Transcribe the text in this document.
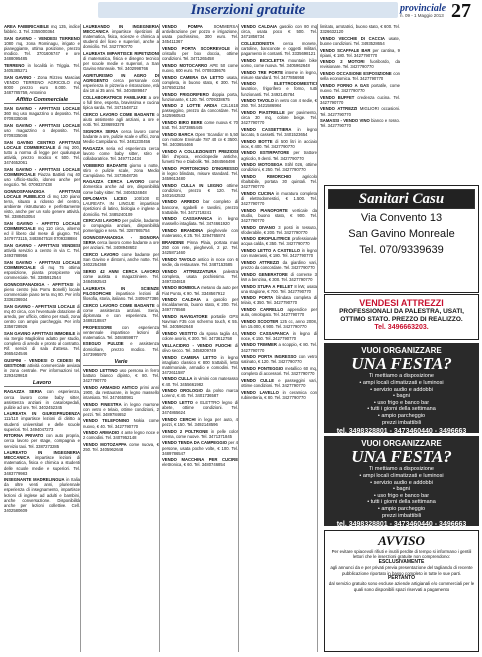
Inserzioni gratuite	provinciale
n. 09 - 1 Maggio 2013 27
AREA FABBRICABILE mq 135, indice fabbric. 3. Tel. 3355000364
SAN GAVINO - VENDESI TERRENO 1080 mq, zona Rominagu, irrigato e pianeggiante, ottima posizione, prezzo modico. Tel. 3701606747 e ore 3488095485
TERRENO in località in Triggia. Tel. 3405385271
SAN GAVINO - Zona Rizzeu Mascias VENDO TERRENO AGRICOLO mq 8000 prezzo euro 8.000. Tel. 3487785759, Antonino
Affitto Commerciale
SAN GAVINO - AFFITTASI LOCALE 360 mq uso magazzino o deposito. Tel. 0709335046
SAN GAVINO - AFFITTASI LOCALE uso magazzino o deposito. Tel. 0709335046
SAN GAVINO CENTRO AFFITTASI LOCALE COMMERCIALE di mq 200, tutto a norma di legge per qualunque attività, prezzo modico € 500. Tel. 3474652061
SAN GAVINO - AFFITTASI LOCALE COMMERCIALE Piazza Battisti mq 40 uso ufficio-studio, idoneo anche per negozio. Tel. 0709337438
GONNOSFANADIGA AFFITTASI LOCALE PUBBLICO di mq 120 piano terra, situato a ridosso del centro, ambiente ristrutturato e perfettamente visto, anche per un solo genere attività. Tel. 3388453054
SAN GAVINO - AFFITTO LOCALE COMMERCIALE mq 110 circa, alterno ed il libero dal mese di giugno. Tel. 3479773115, 3483847518 0709338884
SAN GAVINO - AFFITTASI VENDESI attività servizio a centro in via C. Tel. 3493788956
SAN GAVINO - AFFITTASI LOCALE COMMERCIALE di mq 75 ottima esposizione, pianta prospicente via commerciale. Tel. 3385912544
GONNOSFANADIGA - AFFITTASI in pieno centro (via Porru Bonelli) locale commerciale piano terra mq 80. Per info 3336236934
SAN GAVINO - AFFITTASI LOCALE di mq 40 circa, con l'eventuale dotazione di arredo, per ufficio, ottimo per studi, zona centro con ampio parcheggio. Per info 3356728926
SAN GAVINO AFFITTASI IMMOBILE in via Sergio Magliolino adatto per studio, completo di arredo e pronto al contratto. Rif. servizi di sala d'attesa. Tel. 3665424546
GUSPINI - VENDESI O CEDESI IN GESTIONE attività commerciale avviata in zona centrale. Per informazioni tel. 3293429818
Lavoro
RAGAZZA SERIA con esperienza, cerca lavoro come baby sitter, assistenza anziani in casa/ospedali, pulizie ad ore. Tel. 3402452345
LAUREATA IN GIURISPRUDENZA 111/110 impartisce lezioni di diritto a studenti universitari e delle scuole superiori. Tel. 3494047273
RITORNA PRIVATO con auto propria, cerca lavoro per stage, compagnia e servizio taxi. Tel. 3387273285
LAUREATO IN INGEGNERIA MECCANICA impartisce lezioni di matematica, fisica e chimica a studenti delle scuole medie e superiori. Tel. 3483779983
INSEGNANTE MADRELINGUA in Italia da oltre venti anni, pluriennale esperienza di insegnamento, impartisce lezioni di inglese ad adulti e bambini, anche conversazione. Disponibilità anche per lezioni collettive. Cell. 3402580609
LAUREANDO IN INGEGNERIA MECCANICA impartisce ripetizioni di matematica, fisica, scienze e chimica a studenti del liceo e superiori, anche a domicilio. Tel. 3427790770
LAUREATA IMPARTISCE RIPETIZIONI di matematica, fisica e disegno tecnico per scuole medie e superiori, a San Gavino Monreale. Tel. 3402998766
AGRITURISMO IN AGRO DI AGRIGENTO cerca personale con esperienza in pizzeria e ristorazione, età dai 18 ai 35 anni. Tel. 3404589847
COLLABORATRICE FAMILIARE a ore o full time, esperta, bravissima e cucina tipica sarda. Tel. 3471548712
CERCO LAVORO COME BADANTE o aiuto assistente agli anziani, a ore e notti. Tel. 3286893378
SIGNORA SERIA cerca lavoro come badante a ore, pulizie scale e uffici, zona Medio Campidano. Tel. 3481230456
RAGAZZA seria ed esperienza cerca lavoro come baby sitter, stiro e collaboratrice. Tel. 3497712434
VOBBERO BADANTE giorno o notte, stiro e pulizie scale, zona Medio Campidano. Tel. 3473648726
RAGAZZA CERCA LAVORO come domestica anche ad ore, disponibilità come baby sitter. Tel. 3404524848
DIPLOMATA LICEO 100/100 E LAUREATA IN LINGUE impartisce ripetizioni di latino, biologia e inglese a domicilio. Tel. 3485240109
CERCASI LAVORO per pulizie, badante o compagnia anziani, disponibilità pomeriggio e sera. Tel. 3287865754
GONNOSFANADIGA - SIGNORA SERIA cerca lavoro come badante a ore per anziani. Tel. 3408948602
CERCO LAVORO come badante per San Gavino e dintorni, anche notte. Tel. 3402254368
SERIO 42 ANNI CERCA LAVORO come autista o magazziniere. Tel. 3484592543
LAUREATA IN SCIENZE FILOSOFICHE impartisce lezioni di filosofia, storia, italiano. Tel. 3409477386
CERCO LAVORO COME BADANTE o come assistenza anziani. Seria, diplomata e con esperienza. Tel. 3489218847
PROFESSORE con esperienza ventennale impartisce lezioni di matematica. Tel. 3484659877
ESEGUO PULIZIE e assistenza domiciliare, prezzo modico. Tel. 3473995970
Varie
VENDO LETTINO uso persona in ferro battuto bianco dipinto, € 80. Tel. 3427790770
VENDO ARMADIO ANTICO primi anni 1900, da restaurare, in legno massello intarsiato. Tel. 3474650981
VENDO FINESTRA in legno marrone con vetro e telaio, ottime condizioni, 2 pezzi. Tel. 3489784652
VENDO TELEFONINO Nokia come nuovo, € 40. Tel. 3427790770
VENDO ARMADIO 4 ante legno noce e 2 comodini. Tel. 3407952148
VENDO MOTOZAPPA come nuova, € 250. Tel. 3405962648
VENDO POMPA	SOMMERSA antivibrazione per pozzo e irrigazione, usata pochissimo, 300 euro. Tel. 345411367
VENDO PORTA SCORREVOLE in cristallo per box doccia, ottime condizioni. Tel. 3471265458
VENDO MOTOCARRO APE 50 come nuovo, 600 euro. Tel. 0709338676
VENDO CAMERA DA LETTO usata, completa, in buono stato, € 300. Tel. 3476501254
VENDO FRIGORIFERO doppia porta, funzionante, € 120. Tel. 0709338675
VENDO 2 LOTTE ARDIA C2L1618 passeggino, prezzo da concordare. Tel. 3425960543
VENDO BIRO BERE come nuova € 70 tratt. Tel. 3473865445
VENDO BARCA Open 'Scandia' m 5,50 con motore Envirude 787 40 cv € 3500. Tel. 3403654466
VENDO A COLLEZIONISTI PREZIOSI libri d'epoca, enciclopedie antiche, fumetti Tex e Diabolik. Tel. 3484566498
VENDO PORTONCINO D'INGRESSO in legno blindato, misure standard. Tel. 3459613480
VENDO CULLA IN LEGNO ottime condizioni, prezzo € 120. Tel. 3401642532
VENDO ARREDO bar completo di bancone, sgabelli e tavolini, prezzo trattabile. Tel. 3471719241
VENDO CASSAPANCA in legno massello intagliata. Tel. 3474661920
VENDO BRANDINA pieghevole con materasso, € 25. Tel. 3294765874
BRANDINE Pinna Plaia, portata max 250 con rete, pieghevoli, 2 pz. Tel. 3425871460
VENDO TAVOLO antico in noce con 6 sedie, da restaurare. Tel. 3487153585
VENDO ATTREZZATURA palestra completa, usata pochissimo. Tel. 3497334818
VENDO BOMBOLA metano da auto per Fiat Punto, € 90. Tel. 3348567912
VENDO CALDAIA a gasolio per riscaldamento, buono stato, € 200. Tel. 3497778568
VENDO NAVIGATORE portatile GPS Navman F35 con schermo touch, € 55. Tel. 3405962648
VENDO VESTITO da sposa taglia 44, colore avorio, € 300. Tel. 3473612758
VELLACIDRO - VENDO FUOCHI di olivo secco. Tel. 3458209749
VENDO CAMERA LETTO in legno intagliato classico € 800 trattabili, letto matrimoniale, armadio e comodini. Tel. 3472611587
VENDO CULLA in vimini con materasso € 40. Tel. 3455661982
VENDO OROLOGIO da polso marca Lorenz, € 40. Tel. 3401736587
VENDO LETTO e ELETTRO legno di abete, ottime condizioni. Tel. 3474865624
VENDO CERCHI in lega per auto, 4 pezzi, € 150. Tel. 3492148596
VENDO 2 POLTRONE in pelle color crema, come nuove. Tel. 3471371845
VENDO TENDA DA CAMPEGGIO per 4 persone, usata poche volte, € 100. Tel. 3489786547
VENDO MACCHINA PER CUCIRE elettronica, € 60. Tel. 3480746854
VENDO CALDAIA gasolio con 80 mq circa, usata poco € 500. Tel. 3471856734
COLLEZIONISTA cerca monete, cartoline, banconote e oggetti militari, pagamento in contanti. Tel. 3335698121
VENDO BICICLETTA mountain bike uomo, come nuova. Tel. 3405962648
VENDO TRE PORTE interne in legno, misure standard. Tel. 3477856958
VENDO ELETTRODOMESTICI lavatrice, frigorifero e forno, tutti funzionanti. Tel. 3492145784
VENDO TAVOLO in vetro con 4 sedie, € 250. Tel. 3421586984
VENDO PIASTRELLE per pavimento, circa 30 mq, colore beige. Tel. 3427790770
VENDO CASSETTIERA in legno laccato, 5 cassetti. Tel. 3401523654
VENDO BOTTE di 500 litri in acciaio inox, € 400. Tel. 3427790770
VENDO ESTIRPATORE per trattore agricolo, 9 denti. Tel. 3427790770
VENDO MOTOSEGA Stihl 026, ottime condizioni, € 250. Tel. 3427790770
VENDO RIMORCHIO	agricolo ribaltabile, portata 30 quintali. Tel. 3427790770
VENDO CUCINA in muratura completa di elettrodomestici, € 1.500. Tel. 3427790770
VENDO PIANOFORTE verticale da studio, buono stato, € 900. Tel. 3427790770
VENDO DIVANO 3 posti in tessuto, sfoderabile, € 200. Tel. 3427790770
VENDO IDROPULITRICE professionale acqua calda, € 350. Tel. 3427790770
VENDO LETTO A CASTELLO in legno con materassi, € 180. Tel. 3427790770
VENDO ATTREZZI da giardino vari, prezzo da concordare. Tel. 3427790770
VENDO GENERATORE di corrente 3 kW a benzina, € 300. Tel. 3427790770
VENDO STUFA A PELLET 8 kW, usata una stagione, € 700. Tel. 3427790770
VENDO PORTA blindata completa di telaio, € 350. Tel. 3427790770
VENDO CARRELLO appendice per auto, omologato. Tel. 3427790770
VENDO SCOOTER 125 cc, anno 2008, km 15.000, € 900. Tel. 3427790770
VENDO CASSAPANCA in legno di noce, € 150. Tel. 3427790770
VENDO TRIMMER a scoppio, € 80. Tel. 3427790770
VENDO PORTA INGRESSO con vetro satinato, € 120. Tel. 3427790770
VENDO PONTEGGIO metallico 60 mq, completo di accessori. Tel. 3427790770
VENDO CULLE e passeggini vari, ottime condizioni. Tel. 3427790770
VENDO LAVELLO in ceramica con rubinetteria, € 80. Tel. 3427790770
limitato, arrotatrici, buono stato, € 600. Tel. 3326632120
VENDO VECCHIE DI CACCIA usate, buone condizioni. Tel. 3493528654
VENDO SCAFFALE BAR per cantina, 9 ripiani, € 180. Tel. 3427790770
VENDO 2 MOTORI fuoribordo, da revisionare. Tel. 3427790770
VENDO OCCASIONE ESPOSIZIONE con sella economica. Tel. 3427790770
VENDO FORNO A GAS portatile, come nuovo. Tel. 3427790770
VENDO BUFFET credenza cucina. Tel. 3427790770
VENDO ATTREZZI MIGLIORI occasioni. Tel. 3427790770
SAMASSI - VENDO VINO bianco e rosso. Tel. 3427790770
Sanitari Casu
Via Convento 13
San Gavino Monreale
Tel. 070/9339639
VENDESI ATTREZZI
PROFESSIONALI DA PALESTRA, USATI,
OTTIMO STATO. PREZZO DI REALIZZO.
Tel. 3496663203.
VUOI ORGANIZZARE
UNA FESTA?
Ti mettiamo a disposizione
• ampi locali climatizzati e luminosi
• servizio audio e addobbi
• bagni
• uso frigo e banco bar
• tutti i giorni della settimana
• ampio parcheggio
prezzi imbattibili
tel. 3498328801 - 3473460440 - 3496663
VUOI ORGANIZZARE
UNA FESTA?
Ti mettiamo a disposizione
• ampi locali climatizzati e luminosi
• servizio audio e addobbi
• bagni
• uso frigo e banco bar
• tutti i giorni della settimana
• ampio parcheggio
prezzi imbattibili
tel. 3498328801 - 3473460440 - 3496663
AVVISO
Per evitare spiacevoli rifiuti e inutili perdite di tempo si informano i gentili lettori che le inserzioni gratuite non comprendono:
ESCLUSIVAMENTE
agli annunci da e per privati previa presentazione del tagliando di recente pubblicazione riportato in basso completo in tutte le sue parti.
PERTANTO
dal servizio gratuito sono escluse aziende artigianali e/o commerciali per le quali sono disponibili spazi riservati a pagamento
